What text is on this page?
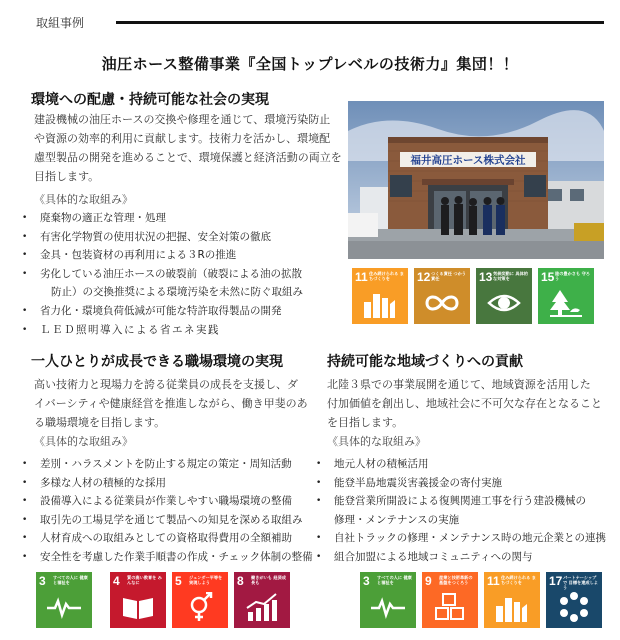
取組事例
油圧ホース整備事業『全国トップレベルの技術力』集団！！
環境への配慮・持続可能な社会の実現
建設機械の油圧ホースの交換や修理を通じて、環境汚染防止
や資源の効率的利用に貢献します。技術力を活かし、環境配
慮型製品の開発を進めることで、環境保護と経済活動の両立を
目指します。
《具体的な取組み》
• 廃棄物の適正な管理・処理
• 有害化学物質の使用状況の把握、安全対策の徹底
• 金具・包装資材の再利用による３Rの推進
• 劣化している油圧ホースの破裂前（破裂による油の拡散
防止）の交換推奨による環境汚染を未然に防ぐ取組み
• 省力化・環境負荷低減が可能な特許取得製品の開発
• ＬＥＤ照明導入による省エネ実践
福井高圧ホース株式会社
11 住み続けられる まちづくりを	12 つくる責任 つかう責任	13 気候変動に 具体的な対策を	15 陸の豊かさも 守ろう
一人ひとりが成長できる職場環境の実現
高い技術力と現場力を誇る従業員の成長を支援し、ダ
イバーシティや健康経営を推進しながら、働き甲斐のあ
る職場環境を目指します。
《具体的な取組み》
• 差別・ハラスメントを防止する規定の策定・周知活動
• 多様な人材の積極的な採用
• 設備導入による従業員が作業しやすい職場環境の整備
• 取引先の工場見学を通じて製品への知見を深める取組み
• 人材育成への取組みとしての資格取得費用の全額補助
• 安全性を考慮した作業手順書の作成・チェック体制の整備
持続可能な地域づくりへの貢献
北陸３県での事業展開を通じて、地域資源を活用した
付加価値を創出し、地域社会に不可欠な存在となること
を目指します。
《具体的な取組み》
• 地元人材の積極活用
• 能登半島地震災害義援金の寄付実施
• 能登営業所開設による復興関連工事を行う建設機械の
修理・メンテナンスの実施
• 自社トラックの修理・メンテナンス時の地元企業との連携
• 組合加盟による地域コミュニティへの関与
3 すべての人に 健康と福祉を	4 質の高い教育を みんなに	5 ジェンダー平等を 実現しよう	8 働きがいも 経済成長も	3 すべての人に 健康と福祉を	9 産業と技術革新の 基盤をつくろう	11 住み続けられる まちづくりを	17 パートナーシップで 目標を達成しよう
